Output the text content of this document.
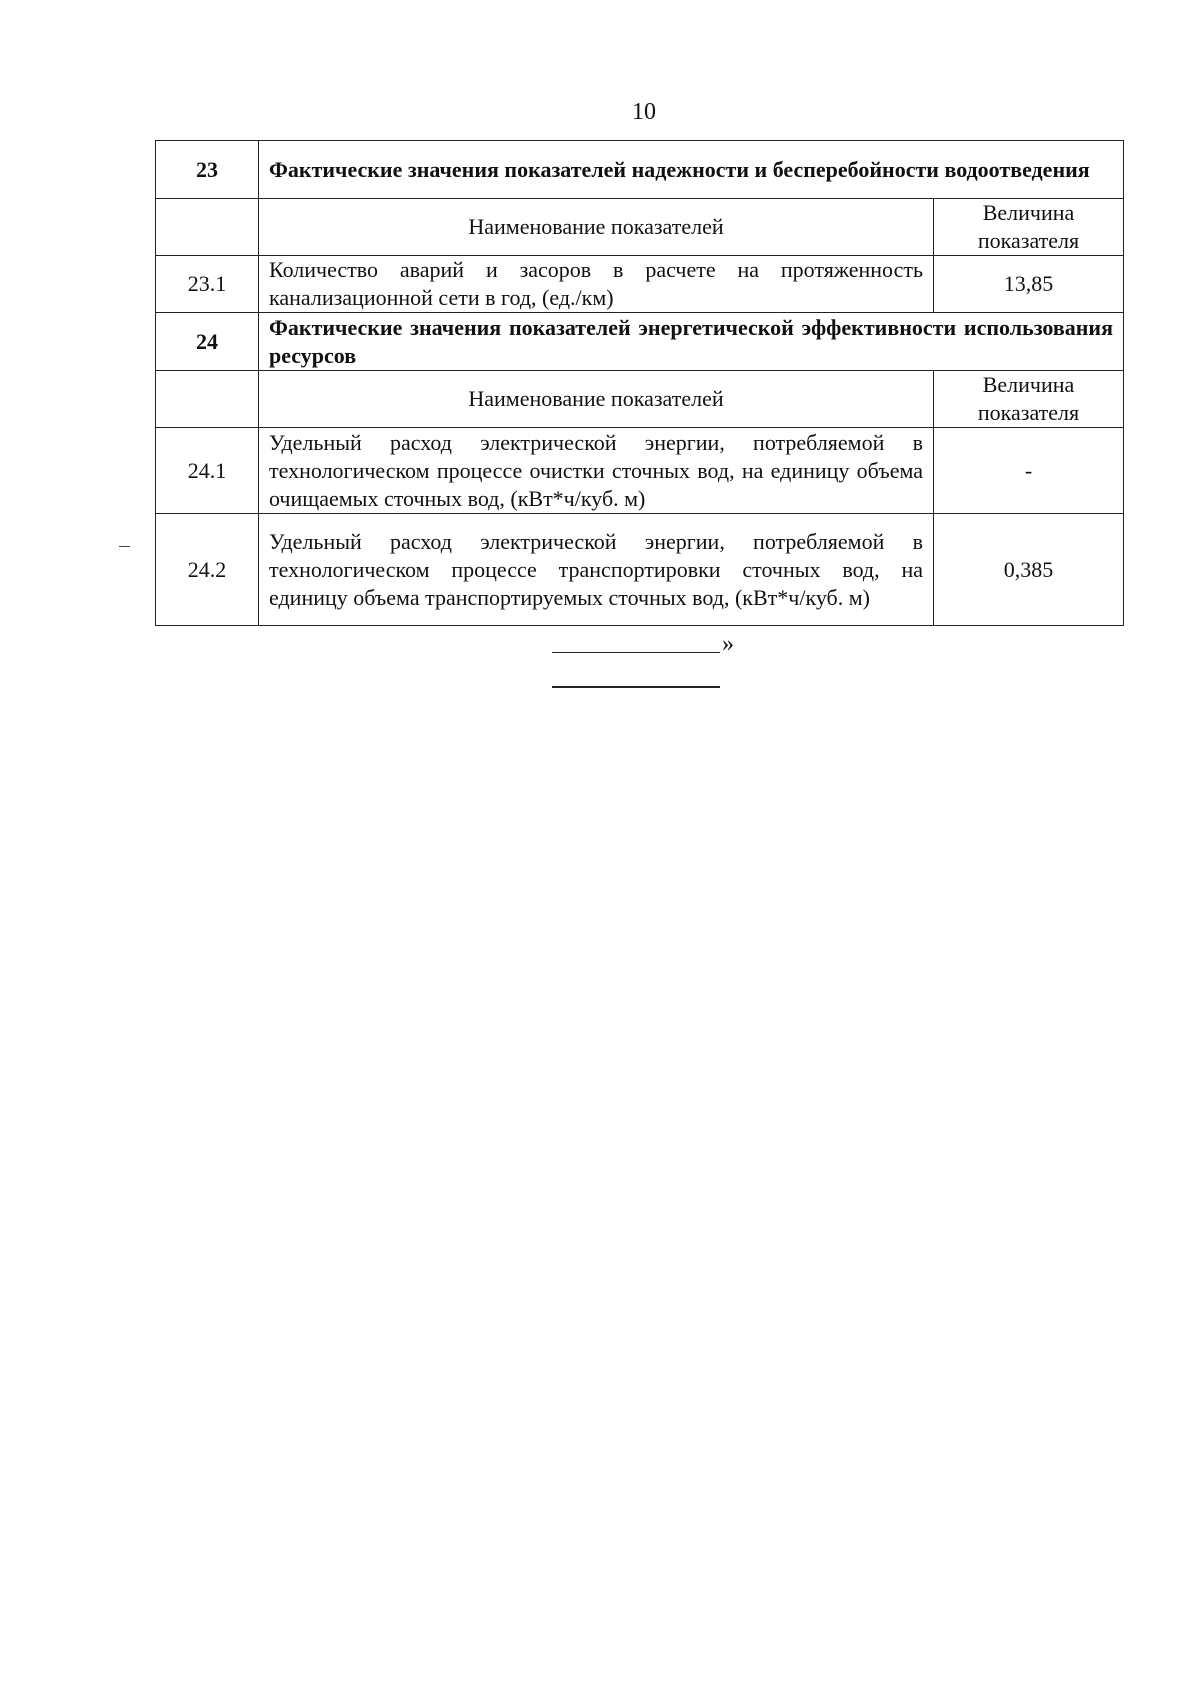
10
23	Фактические значения показателей надежности и бесперебойности водоотведения	
	Наименование показателей	Величина показателя
23.1	Количество аварий и засоров в расчете на протяженность канализационной сети в год, (ед./км)	13,85
24	Фактические значения показателей энергетической эффективности использования ресурсов	
	Наименование показателей	Величина показателя
24.1	Удельный расход электрической энергии, потребляемой в технологическом процессе очистки сточных вод, на единицу объема очищаемых сточных вод, (кВт*ч/куб. м)	-
24.2	Удельный расход электрической энергии, потребляемой в технологическом процессе транспортировки сточных вод, на единицу объема транспортируемых сточных вод, (кВт*ч/куб. м)	0,385
»
